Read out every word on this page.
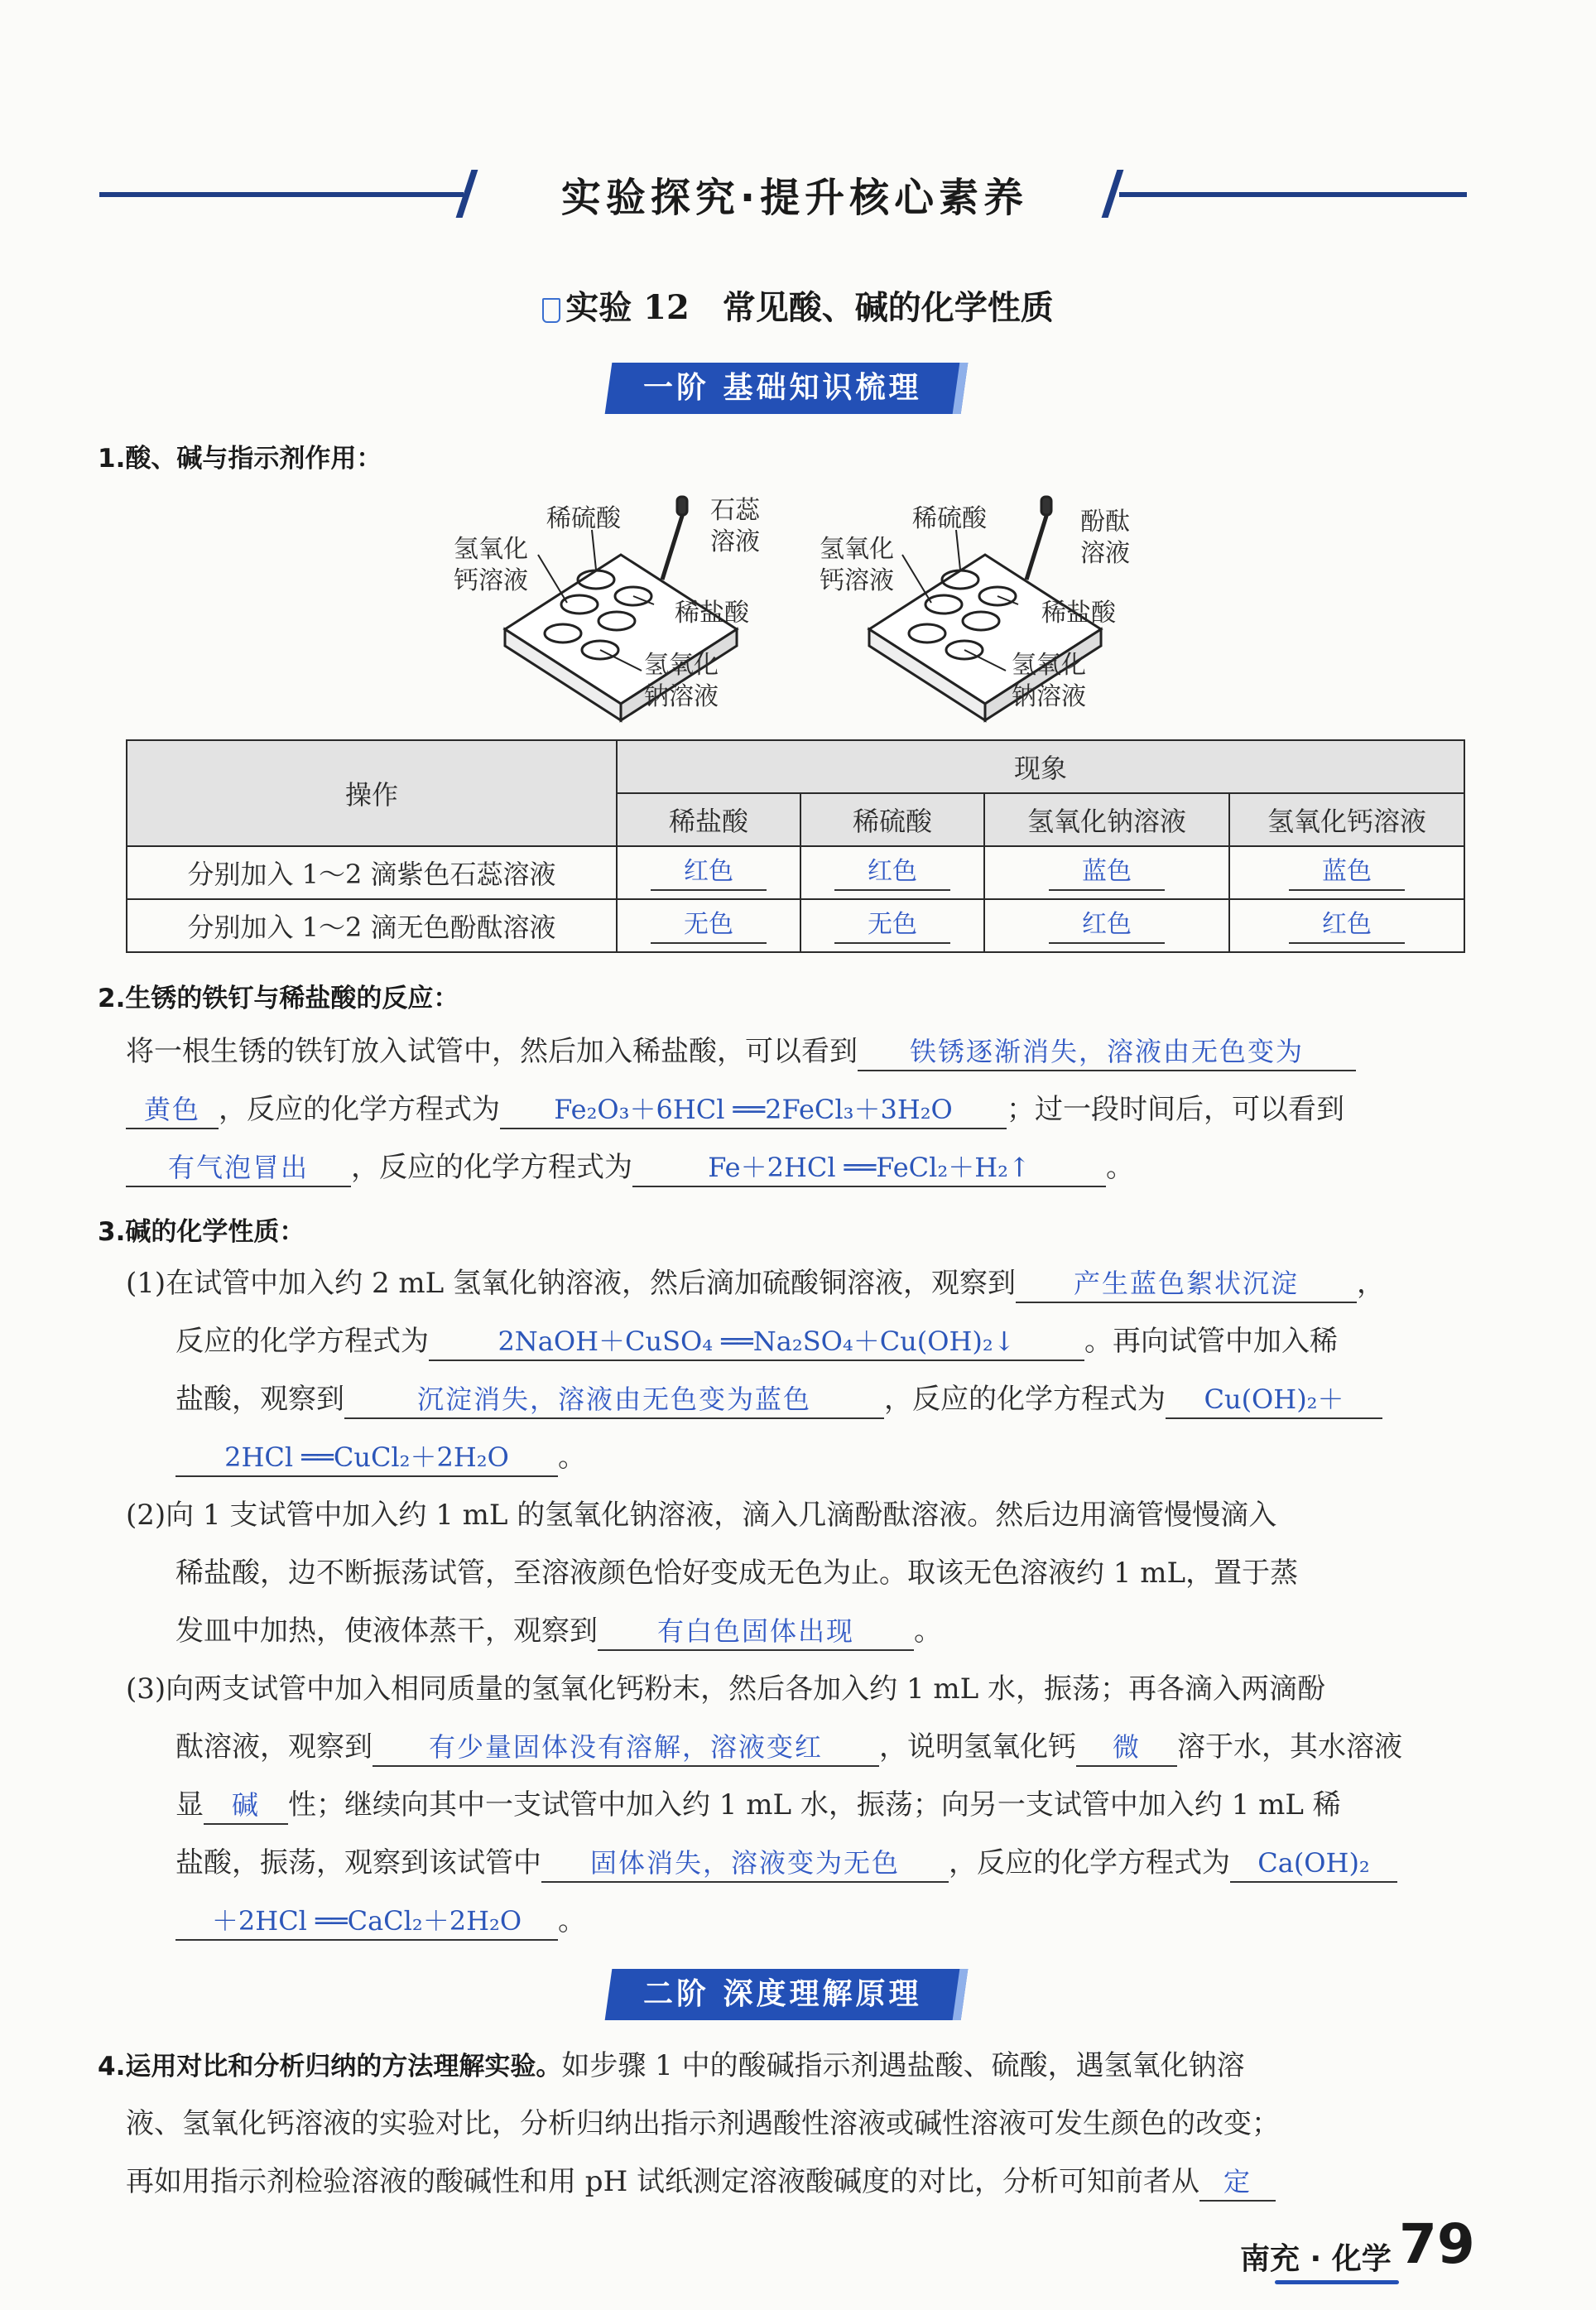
实验探究·提升核心素养
实验 12　常见酸、碱的化学性质
一阶 基础知识梳理
1.酸、碱与指示剂作用：
稀硫酸	石蕊
溶液
氢氧化
钙溶液
稀盐酸
氢氧化
钠溶液
稀硫酸	酚酞
溶液
氢氧化
钙溶液
稀盐酸
氢氧化
钠溶液
操作	现象			
	稀盐酸	稀硫酸	氢氧化钠溶液	氢氧化钙溶液
分别加入 1～2 滴紫色石蕊溶液	红色	红色	蓝色	蓝色
分别加入 1～2 滴无色酚酞溶液	无色	无色	红色	红色
2.生锈的铁钉与稀盐酸的反应：
将一根生锈的铁钉放入试管中，然后加入稀盐酸，可以看到 铁锈逐渐消失，溶液由无色变为
黄色 ，反应的化学方程式为 Fe₂O₃＋6HCl ══2FeCl₃＋3H₂O ；过一段时间后，可以看到
有气泡冒出 ，反应的化学方程式为	Fe＋2HCl ══FeCl₂＋H₂↑	。
3.碱的化学性质：
(1)在试管中加入约 2 mL 氢氧化钠溶液，然后滴加硫酸铜溶液，观察到 产生蓝色絮状沉淀 ，
反应的化学方程式为	2NaOH＋CuSO₄ ══Na₂SO₄＋Cu(OH)₂↓ 。再向试管中加入稀
盐酸，观察到	沉淀消失，溶液由无色变为蓝色	，反应的化学方程式为 Cu(OH)₂＋
2HCl ══CuCl₂＋2H₂O 。
(2)向 1 支试管中加入约 1 mL 的氢氧化钠溶液，滴入几滴酚酞溶液。然后边用滴管慢慢滴入
稀盐酸，边不断振荡试管，至溶液颜色恰好变成无色为止。取该无色溶液约 1 mL，置于蒸
发皿中加热，使液体蒸干，观察到 有白色固体出现 。
(3)向两支试管中加入相同质量的氢氧化钙粉末，然后各加入约 1 mL 水，振荡；再各滴入两滴酚
酞溶液，观察到 有少量固体没有溶解，溶液变红 ，说明氢氧化钙 微 溶于水，其水溶液
显 碱 性；继续向其中一支试管中加入约 1 mL 水，振荡；向另一支试管中加入约 1 mL 稀
盐酸，振荡，观察到该试管中 固体消失，溶液变为无色 ，反应的化学方程式为 Ca(OH)₂
＋2HCl ══CaCl₂＋2H₂O 。
二阶 深度理解原理
4.运用对比和分析归纳的方法理解实验。如步骤 1 中的酸碱指示剂遇盐酸、硫酸，遇氢氧化钠溶
液、氢氧化钙溶液的实验对比，分析归纳出指示剂遇酸性溶液或碱性溶液可发生颜色的改变；
再如用指示剂检验溶液的酸碱性和用 pH 试纸测定溶液酸碱度的对比，分析可知前者从 定
南充 · 化学 79
